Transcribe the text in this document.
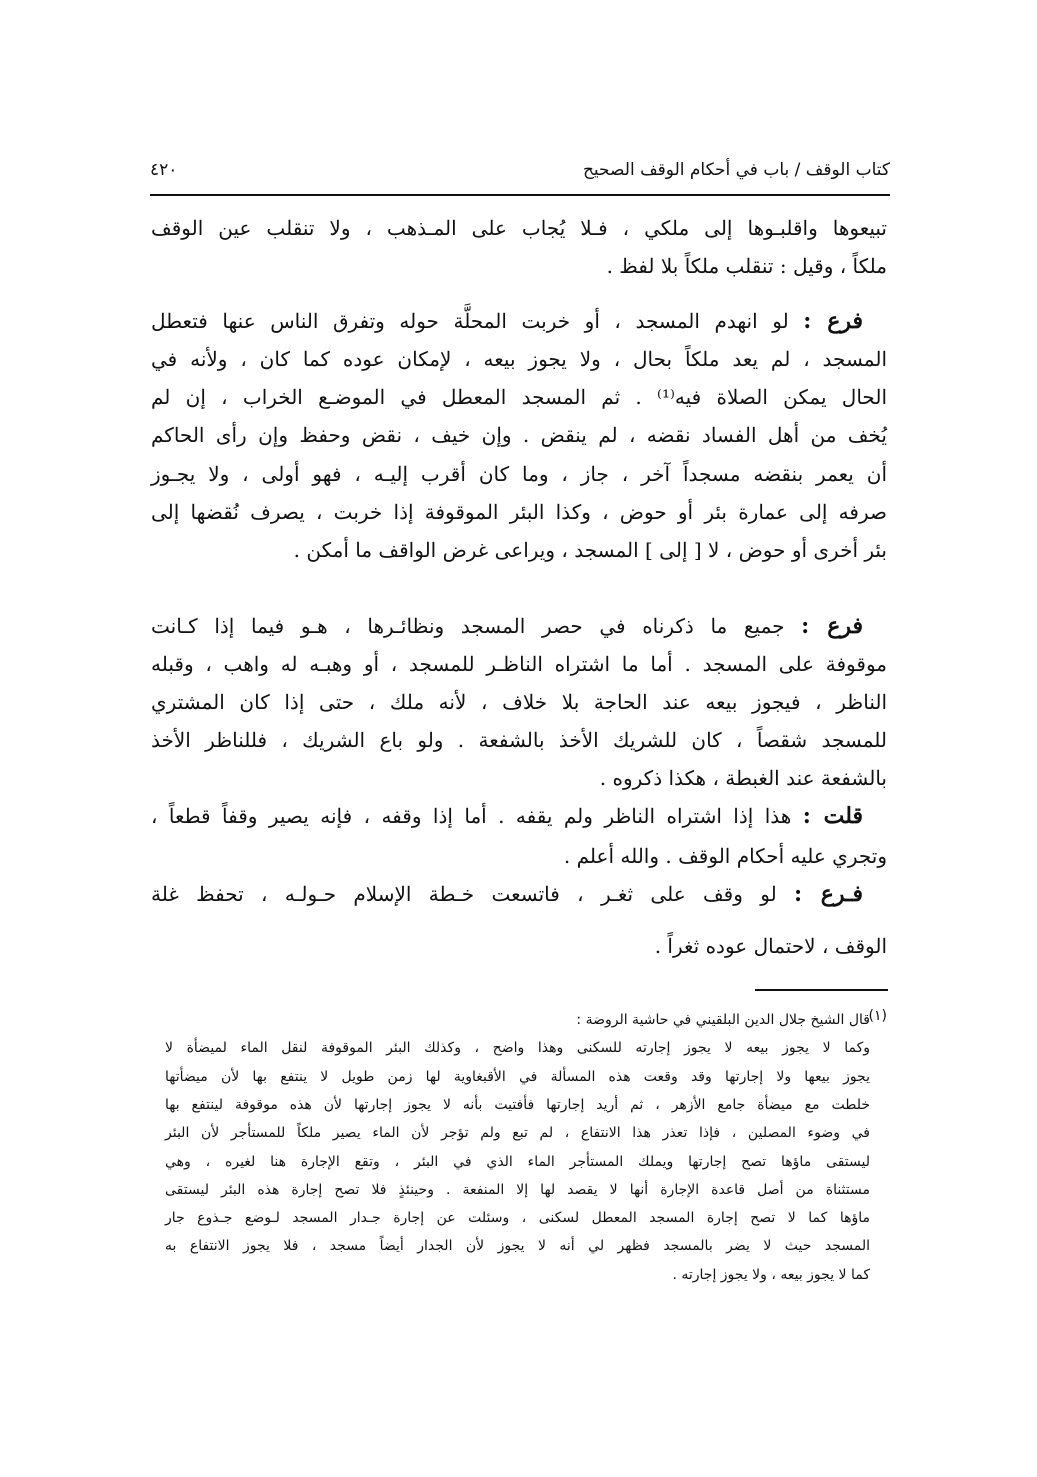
كتاب الوقف / باب في أحكام الوقف الصحيح
٤٢٠
تبيعوها واقلبـوها إلى ملكي ، فـلا يُجاب على المـذهب ، ولا تنقلب عين الوقف
ملكاً ، وقيل : تنقلب ملكاً بلا لفظ .
فرع : لو انهدم المسجد ، أو خربت المحلَّة حوله وتفرق الناس عنها فتعطل
المسجد ، لم يعد ملكاً بحال ، ولا يجوز بيعه ، لإمكان عوده كما كان ، ولأنه في
الحال يمكن الصلاة فيه⁽¹⁾ . ثم المسجد المعطل في الموضـع الخراب ، إن لم
يُخف من أهل الفساد نقضه ، لم ينقض . وإن خيف ، نقض وحفظ وإن رأى الحاكم
أن يعمر بنقضه مسجداً آخر ، جاز ، وما كان أقرب إليـه ، فهو أولى ، ولا يجـوز
صرفه إلى عمارة بئر أو حوض ، وكذا البئر الموقوفة إذا خربت ، يصرف نُقضها إلى
بئر أخرى أو حوض ، لا [ إلى ] المسجد ، ويراعى غرض الواقف ما أمكن .
فرع : جميع ما ذكرناه في حصر المسجد ونظائـرها ، هـو فيما إذا كـانت
موقوفة على المسجد . أما ما اشتراه الناظـر للمسجد ، أو وهبـه له واهب ، وقبله
الناظر ، فيجوز بيعه عند الحاجة بلا خلاف ، لأنه ملك ، حتى إذا كان المشتري
للمسجد شقصاً ، كان للشريك الأخذ بالشفعة . ولو باع الشريك ، فللناظر الأخذ
بالشفعة عند الغبطة ، هكذا ذكروه .
قلت : هذا إذا اشتراه الناظر ولم يقفه . أما إذا وقفه ، فإنه يصير وقفاً قطعاً ،
وتجري عليه أحكام الوقف . والله أعلم .
فـرع : لو وقف على ثغـر ، فاتسعت خـطة الإسلام حـولـه ، تحفظ غلة
الوقف ، لاحتمال عوده ثغراً .
(١)
قال الشيخ جلال الدين البلقيني في حاشية الروضة :
وكما لا يجوز بيعه لا يجوز إجارته للسكنى وهذا واضح ، وكذلك البئر الموقوفة لنقل الماء لميضأة لا
يجوز بيعها ولا إجارتها وقد وقعت هذه المسألة في الأقبغاوية لها زمن طويل لا ينتفع بها لأن ميضأتها
خلطت مع ميضأة جامع الأزهر ، ثم أريد إجارتها فأفتيت بأنه لا يجوز إجارتها لأن هذه موقوفة لينتفع بها
في وضوء المصلين ، فإذا تعذر هذا الانتفاع ، لم تبع ولم تؤجر لأن الماء يصير ملكاً للمستأجر لأن البئر
ليستقى ماؤها تصح إجارتها ويملك المستأجر الماء الذي في البئر ، وتقع الإجارة هنا لغيره ، وهي
مستثناة من أصل قاعدة الإجارة أنها لا يقصد لها إلا المنفعة . وحينئذٍ فلا تصح إجارة هذه البئر ليستقى
ماؤها كما لا تصح إجارة المسجد المعطل لسكنى ، وسئلت عن إجارة جـدار المسجد لـوضع جـذوع جار
المسجد حيث لا يضر بالمسجد فظهر لي أنه لا يجوز لأن الجدار أيضاً مسجد ، فلا يجوز الانتفاع به
كما لا يجوز بيعه ، ولا يجوز إجارته .
